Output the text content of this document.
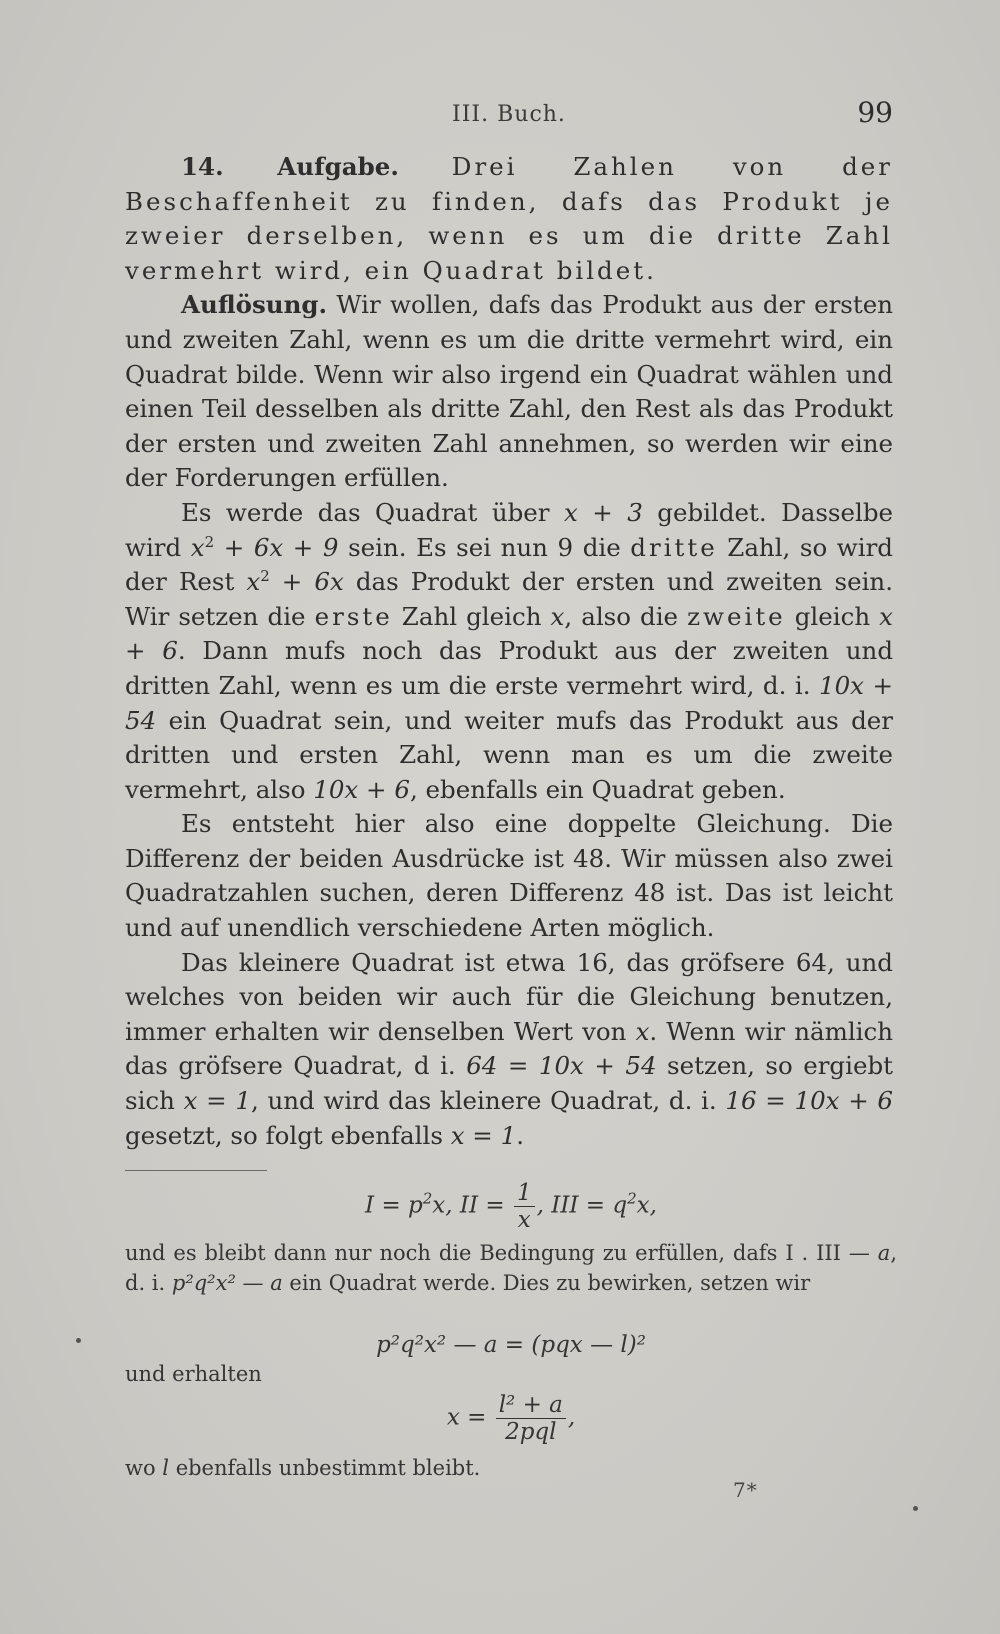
III. Buch.	99

14. Aufgabe. Drei Zahlen von der Beschaffenheit zu finden, dafs das Produkt je zweier derselben, wenn es um die dritte Zahl vermehrt wird, ein Quadrat bildet.

Auflösung. Wir wollen, dafs das Produkt aus der ersten und zweiten Zahl, wenn es um die dritte vermehrt wird, ein Quadrat bilde. Wenn wir also irgend ein Quadrat wählen und einen Teil desselben als dritte Zahl, den Rest als das Produkt der ersten und zweiten Zahl annehmen, so werden wir eine der Forderungen erfüllen.

Es werde das Quadrat über x + 3 gebildet. Dasselbe wird $x^2 + 6x + 9$ sein. Es sei nun 9 die dritte Zahl, so wird der Rest $x^2 + 6x$ das Produkt der ersten und zweiten sein. Wir setzen die erste Zahl gleich x, also die zweite gleich x + 6. Dann mufs noch das Produkt aus der zweiten und dritten Zahl, wenn es um die erste vermehrt wird, d. i. 10x + 54 ein Quadrat sein, und weiter mufs das Produkt aus der dritten und ersten Zahl, wenn man es um die zweite vermehrt, also 10x + 6, ebenfalls ein Quadrat geben.

Es entsteht hier also eine doppelte Gleichung. Die Differenz der beiden Ausdrücke ist 48. Wir müssen also zwei Quadratzahlen suchen, deren Differenz 48 ist. Das ist leicht und auf unendlich verschiedene Arten möglich.

Das kleinere Quadrat ist etwa 16, das gröfsere 64, und welches von beiden wir auch für die Gleichung benutzen, immer erhalten wir denselben Wert von x. Wenn wir nämlich das gröfsere Quadrat, d i. 64 = 10x + 54 setzen, so ergiebt sich x = 1, und wird das kleinere Quadrat, d. i. 16 = 10x + 6 gesetzt, so folgt ebenfalls x = 1.

$I = p^2x$, II = $\frac{1}{x}$ , III = $q^2x$,
und es bleibt dann nur noch die Bedingung zu erfüllen, dafs I . III — a, d. i. p²q²x² — a ein Quadrat werde. Dies zu bewirken, setzen wir
p²q²x² — a = (pqx — l)²
und erhalten
$x = \frac{\text{l² + a}}{\text{2pql}}$ ,
wo l ebenfalls unbestimmt bleibt.
7*
